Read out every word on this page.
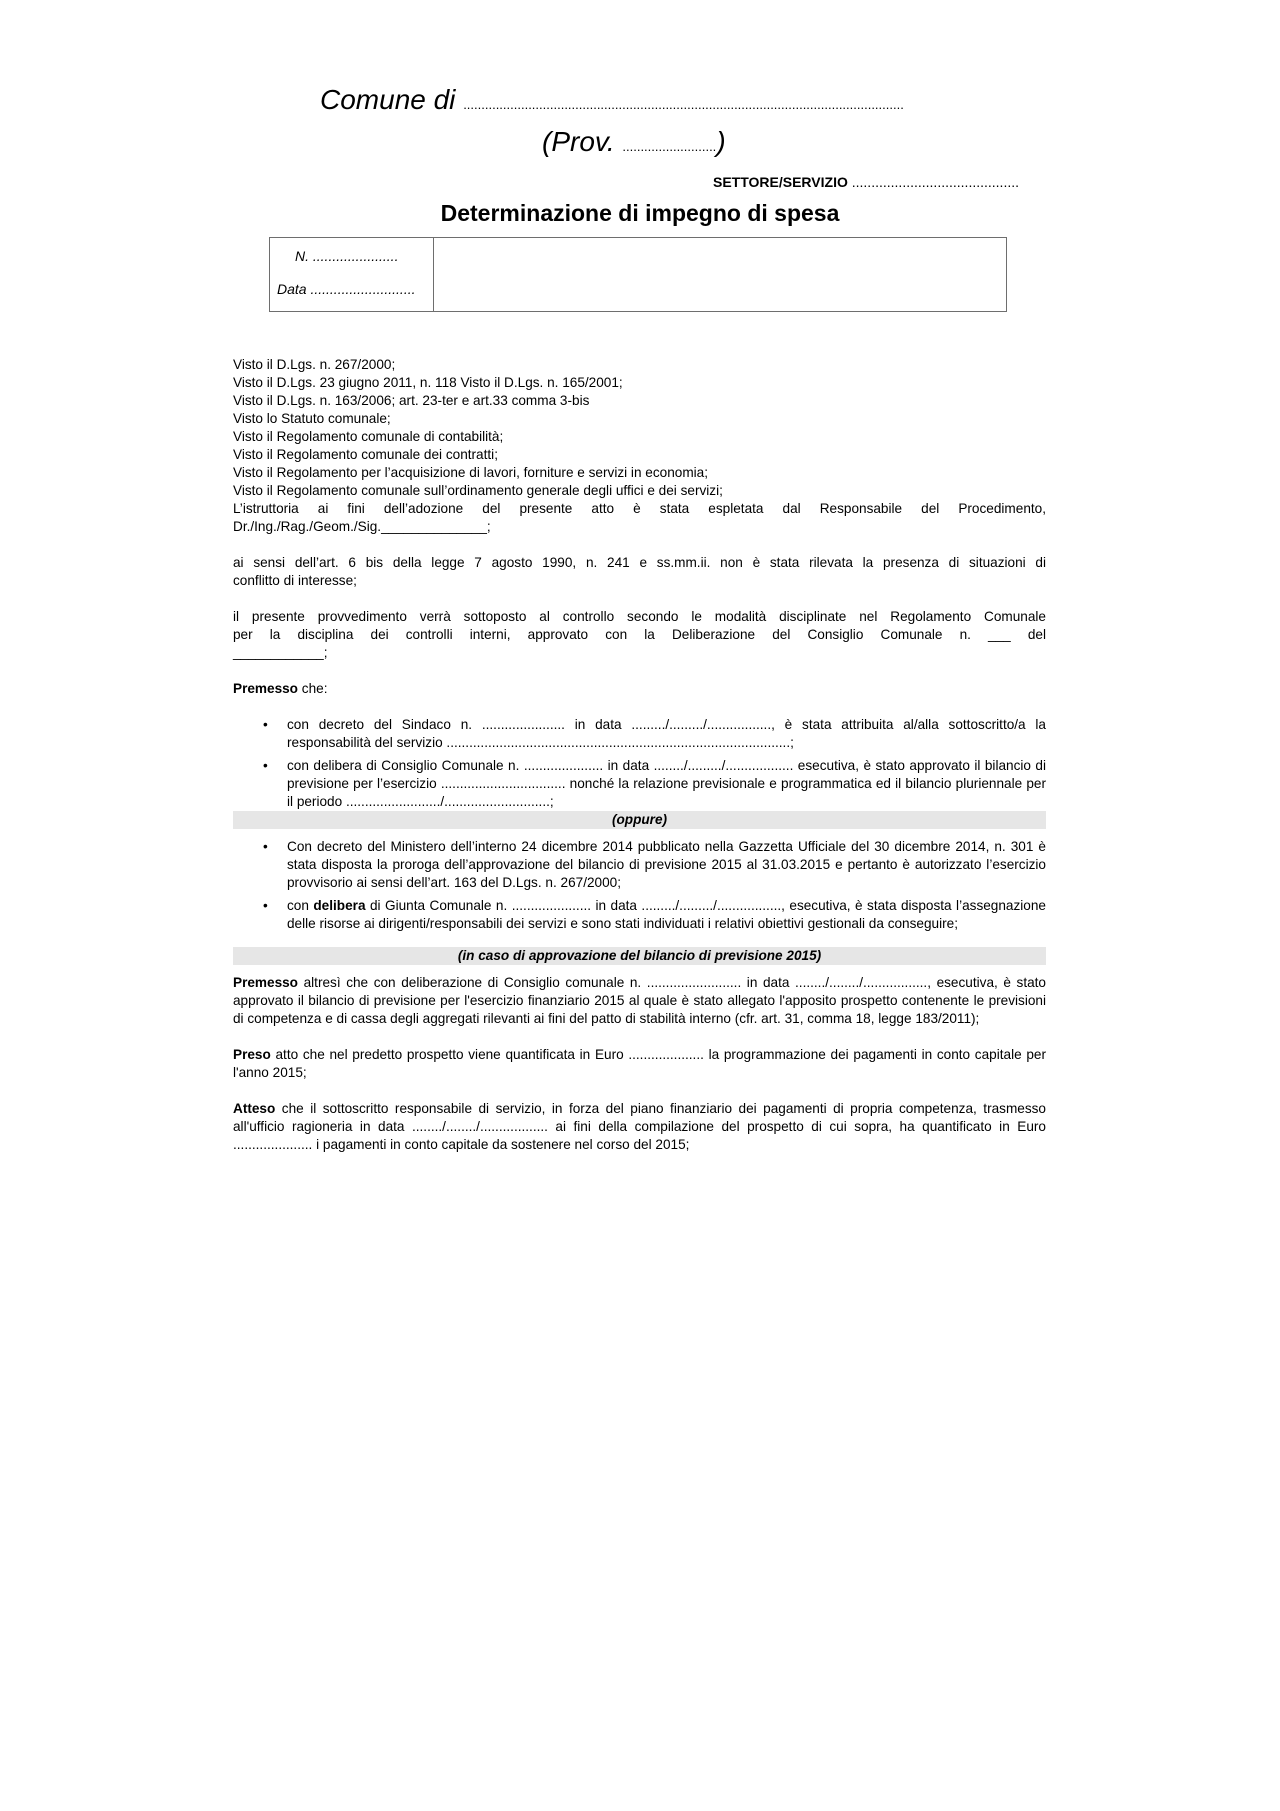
Comune di ..........................................................................................................................
(Prov. ..........................)
SETTORE/SERVIZIO ...........................................
Determinazione di impegno di spesa
N. ......................
Data ...........................

Visto il D.Lgs. n. 267/2000;

Visto il D.Lgs. 23 giugno 2011, n. 118 Visto il D.Lgs. n. 165/2001;

Visto il D.Lgs. n. 163/2006; art. 23-ter e art.33 comma 3-bis

Visto lo Statuto comunale;

Visto il Regolamento comunale di contabilità;

Visto il Regolamento comunale dei contratti;

Visto il Regolamento per l’acquisizione di lavori, forniture e servizi in economia;

Visto il Regolamento comunale sull’ordinamento generale degli uffici e dei servizi;

L’istruttoria ai fini dell’adozione del presente atto è stata espletata dal Responsabile del Procedimento,

Dr./Ing./Rag./Geom./Sig.______________;

ai sensi dell’art. 6 bis della legge 7 agosto 1990, n. 241 e ss.mm.ii. non è stata rilevata la presenza di situazioni di

conflitto di interesse;

il presente provvedimento verrà sottoposto al controllo secondo le modalità disciplinate nel Regolamento Comunale

per la disciplina dei controlli interni, approvato con la Deliberazione del Consiglio Comunale n. ___ del

____________;

Premesso che:

• con decreto del Sindaco n. ...................... in data ........./........./................., è stata attribuita al/alla sottoscritto/a la responsabilità del servizio ...........................................................................................;
• con delibera di Consiglio Comunale n. ..................... in data ......../........./.................. esecutiva, è stato approvato il bilancio di previsione per l’esercizio ................................. nonché la relazione previsionale e programmatica ed il bilancio pluriennale per il periodo ........................./............................;
(oppure)
• Con decreto del Ministero dell’interno 24 dicembre 2014 pubblicato nella Gazzetta Ufficiale del 30 dicembre 2014, n. 301 è stata disposta la proroga dell’approvazione del bilancio di previsione 2015 al 31.03.2015 e pertanto è autorizzato l’esercizio provvisorio ai sensi dell’art. 163 del D.Lgs. n. 267/2000;
• con delibera di Giunta Comunale n. ..................... in data ........./........./................., esecutiva, è stata disposta l’assegnazione delle risorse ai dirigenti/responsabili dei servizi e sono stati individuati i relativi obiettivi gestionali da conseguire;
(in caso di approvazione del bilancio di previsione 2015)

Premesso altresì che con deliberazione di Consiglio comunale n. ......................... in data ......../......../................., esecutiva, è stato approvato il bilancio di previsione per l'esercizio finanziario 2015 al quale è stato allegato l'apposito prospetto contenente le previsioni di competenza e di cassa degli aggregati rilevanti ai fini del patto di stabilità interno (cfr. art. 31, comma 18, legge 183/2011);

Preso atto che nel predetto prospetto viene quantificata in Euro .................... la programmazione dei pagamenti in conto capitale per l'anno 2015;

Atteso che il sottoscritto responsabile di servizio, in forza del piano finanziario dei pagamenti di propria competenza, trasmesso all'ufficio ragioneria in data ......../......../.................. ai fini della compilazione del prospetto di cui sopra, ha quantificato in Euro ..................... i pagamenti in conto capitale da sostenere nel corso del 2015;
